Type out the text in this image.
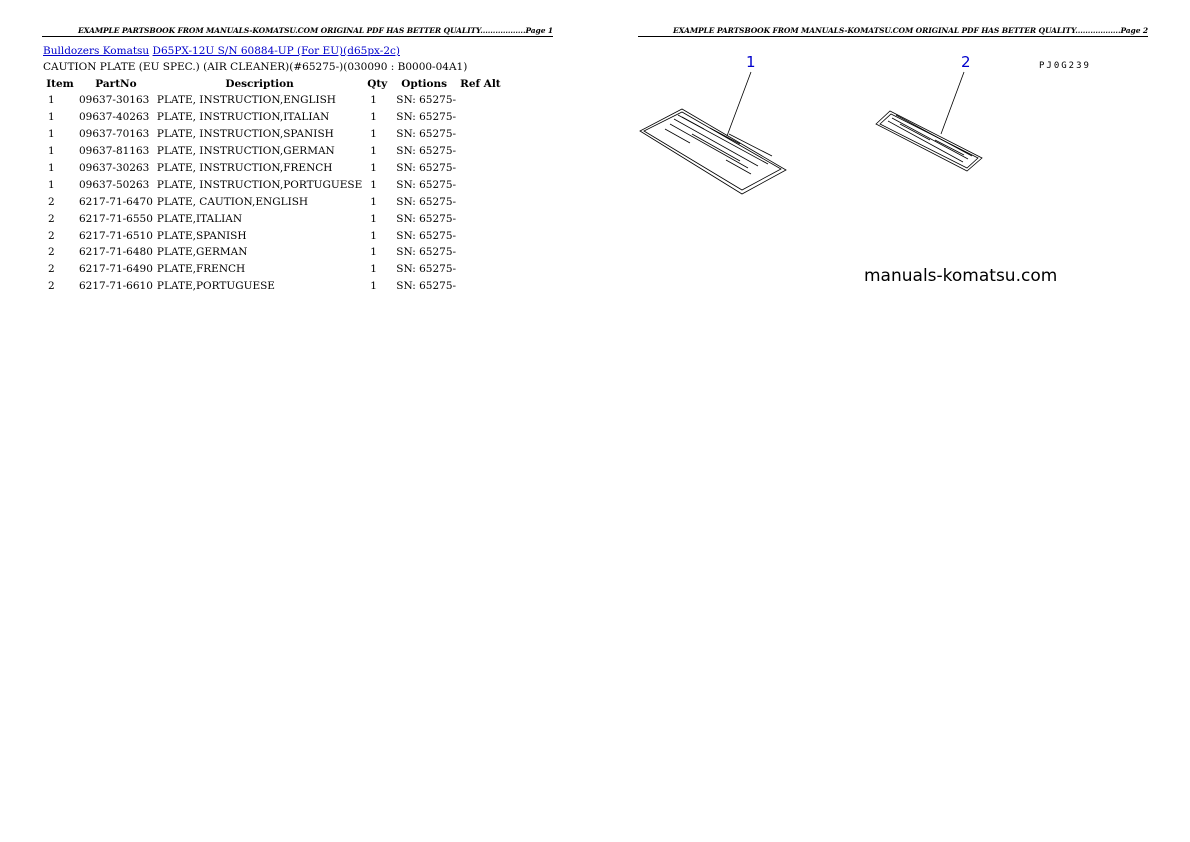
EXAMPLE PARTSBOOK FROM MANUALS-KOMATSU.COM ORIGINAL PDF HAS BETTER QUALITY..................Page 1	EXAMPLE PARTSBOOK FROM MANUALS-KOMATSU.COM ORIGINAL PDF HAS BETTER QUALITY..................Page 2
Bulldozers Komatsu D65PX-12U S/N 60884-UP (For EU)(d65px-2c)
CAUTION PLATE (EU SPEC.) (AIR CLEANER)(#65275-)(030090 : B0000-04A1)
Item	PartNo	Description	Qty	Options	Ref Alt
1	09637-30163	PLATE, INSTRUCTION,ENGLISH	1	SN: 65275-	
1	09637-40263	PLATE, INSTRUCTION,ITALIAN	1	SN: 65275-	
1	09637-70163	PLATE, INSTRUCTION,SPANISH	1	SN: 65275-	
1	09637-81163	PLATE, INSTRUCTION,GERMAN	1	SN: 65275-	
1	09637-30263	PLATE, INSTRUCTION,FRENCH	1	SN: 65275-	
1	09637-50263	PLATE, INSTRUCTION,PORTUGUESE	1	SN: 65275-	
2	6217-71-6470	PLATE, CAUTION,ENGLISH	1	SN: 65275-	
2	6217-71-6550	PLATE,ITALIAN	1	SN: 65275-	
2	6217-71-6510	PLATE,SPANISH	1	SN: 65275-	
2	6217-71-6480	PLATE,GERMAN	1	SN: 65275-	
2	6217-71-6490	PLATE,FRENCH	1	SN: 65275-	
2	6217-71-6610	PLATE,PORTUGUESE	1	SN: 65275-	
1	2	PJ0G239
manuals-komatsu.com
